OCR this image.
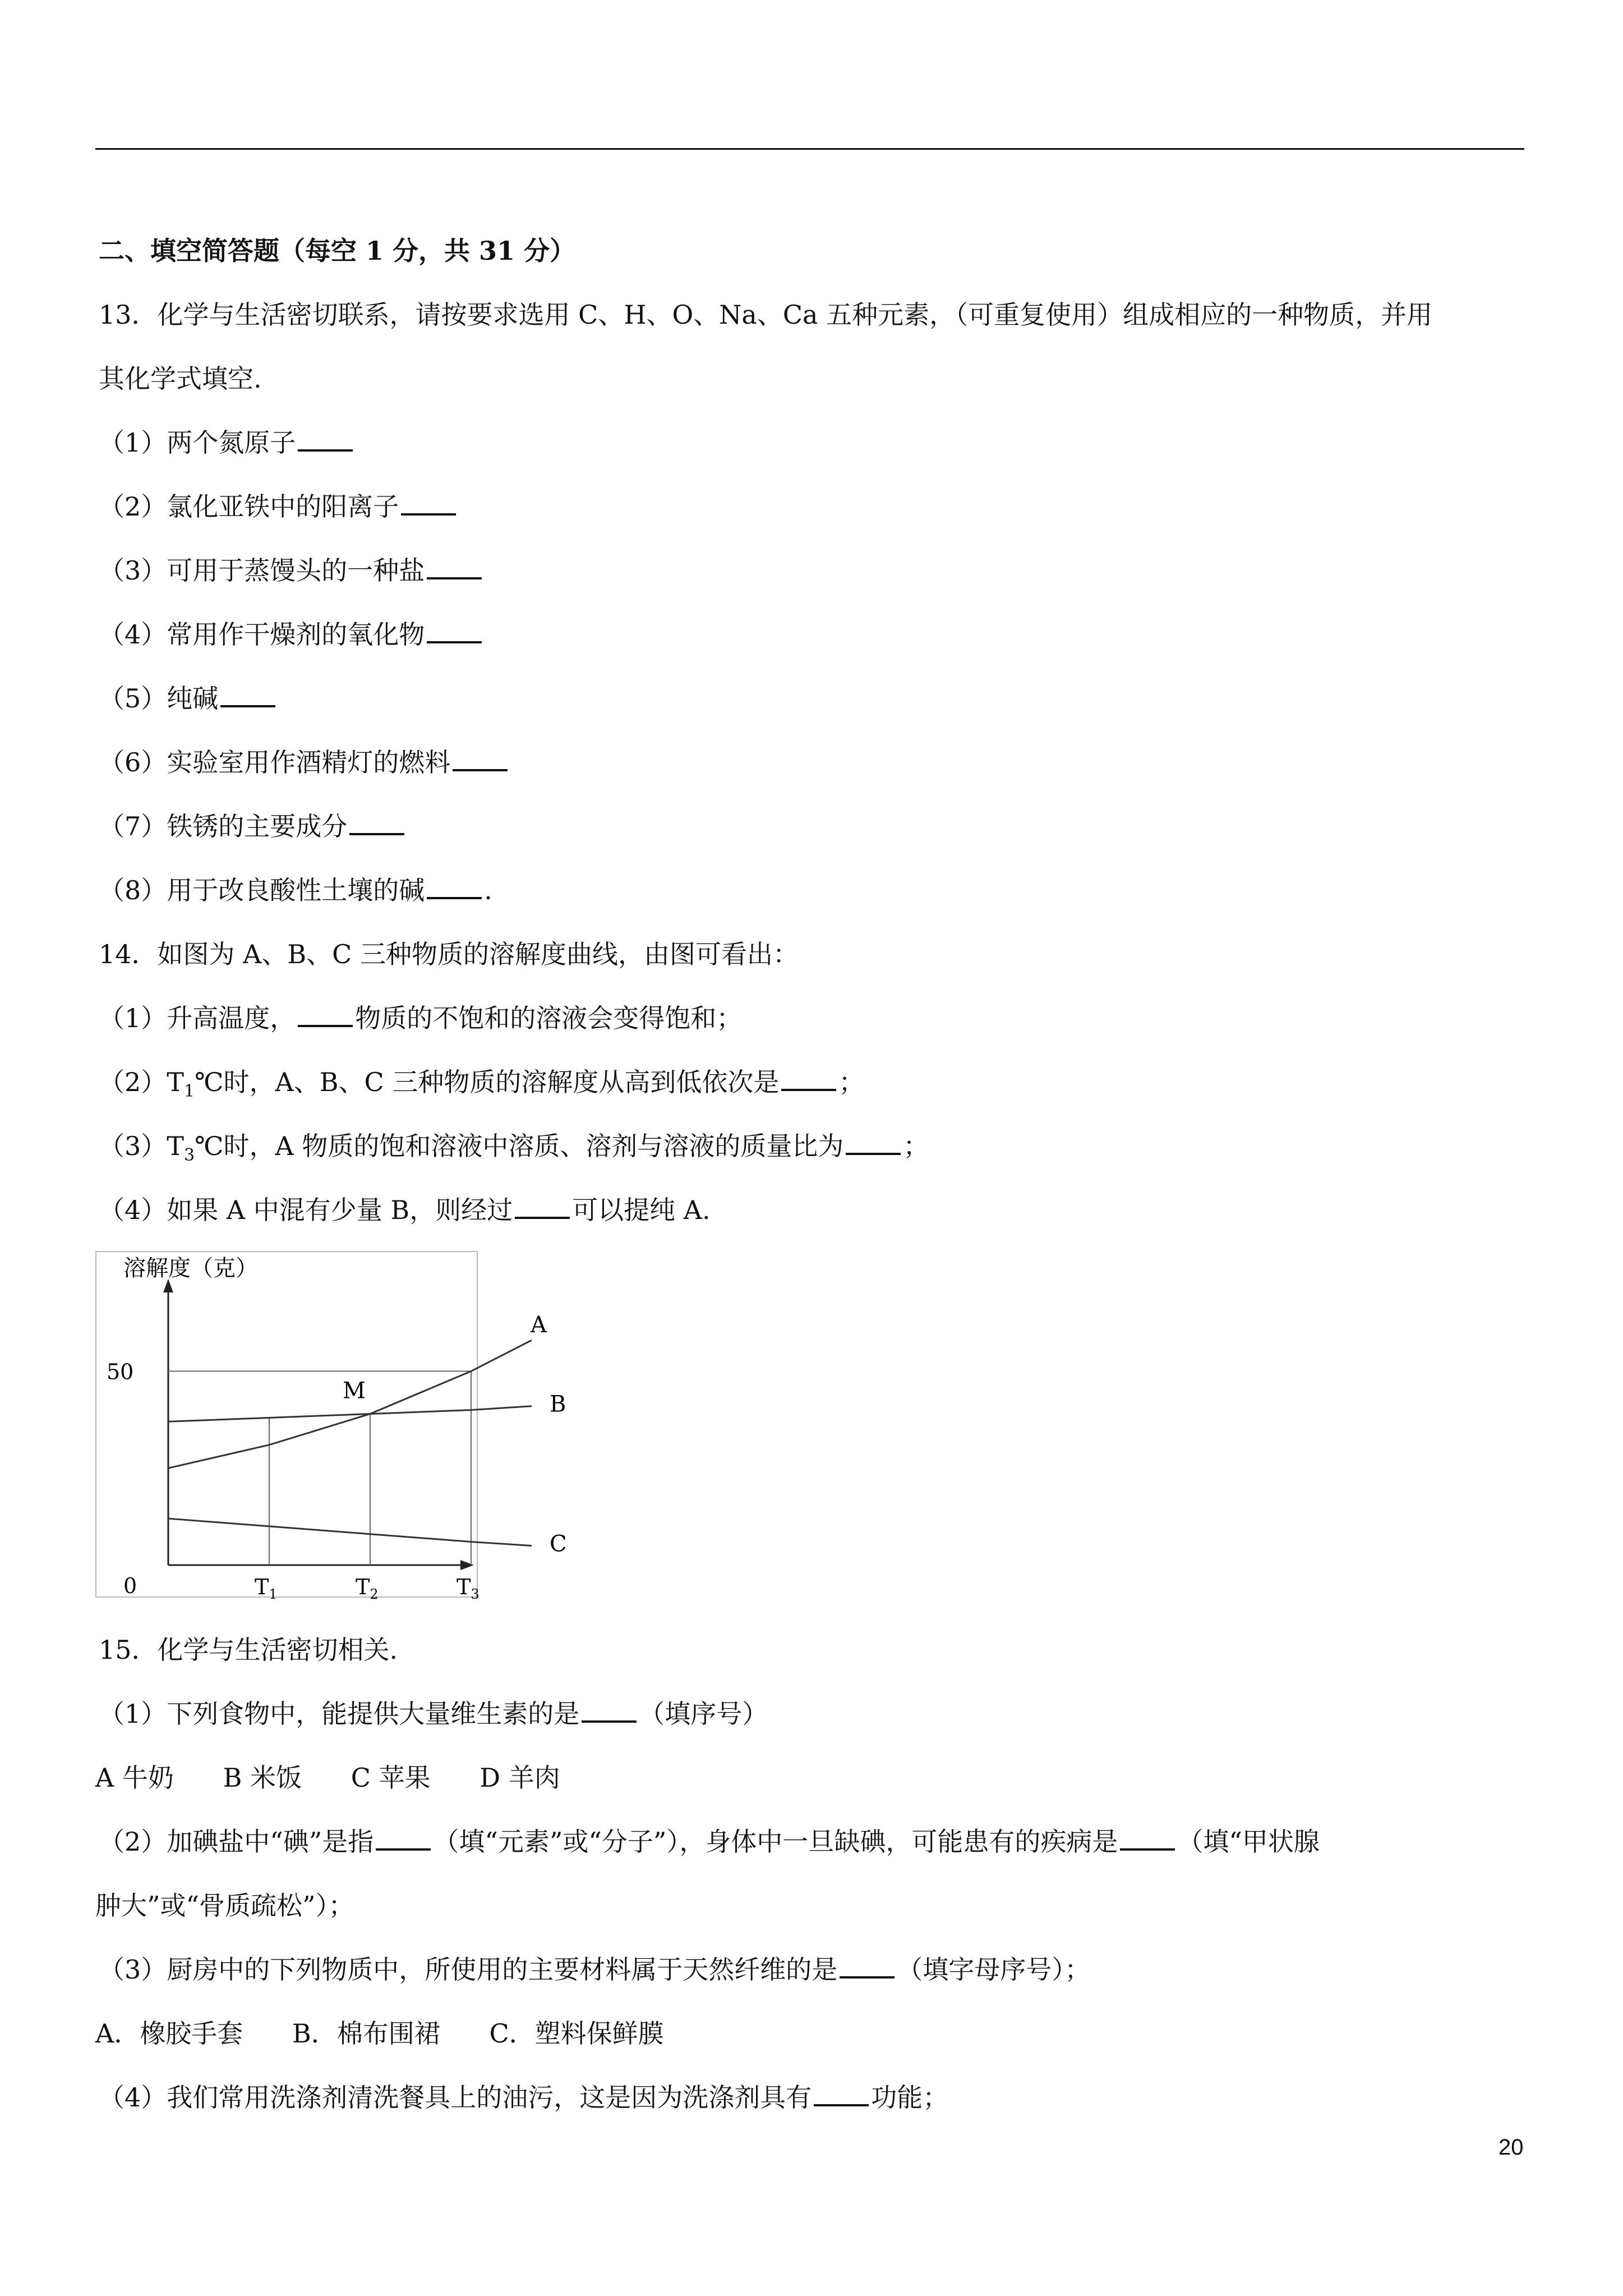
二、填空简答题（每空 1 分，共 31 分）
13．化学与生活密切联系，请按要求选用 C、H、O、Na、Ca 五种元素，（可重复使用）组成相应的一种物质，并用
其化学式填空.
（1）两个氮原子
（2）氯化亚铁中的阳离子
（3）可用于蒸馒头的一种盐
（4）常用作干燥剂的氧化物
（5）纯碱
（6）实验室用作酒精灯的燃料
（7）铁锈的主要成分
（8）用于改良酸性土壤的碱 .
14．如图为 A、B、C 三种物质的溶解度曲线，由图可看出：
（1）升高温度， 物质的不饱和的溶液会变得饱和；
$(2)T_1℃$时，A、B、C 三种物质的溶解度从高到低依次是 ；
$(3)T_3℃$时，A 物质的饱和溶液中溶质、溶剂与溶液的质量比为 ；
（4）如果 A 中混有少量 B，则经过 可以提纯 A.
溶解度（克）
50
0	$T_1$	$T_2$	$T_3$
A
B
C
M
15．化学与生活密切相关.
（1）下列食物中，能提供大量维生素的是 （填序号）
A 牛奶      B 米饭      C 苹果      D 羊肉
（2）加碘盐中“碘”是指 （填“元素”或“分子”），身体中一旦缺碘，可能患有的疾病是 （填“甲状腺
肿大”或“骨质疏松”）；
（3）厨房中的下列物质中，所使用的主要材料属于天然纤维的是 （填字母序号）；
A．橡胶手套      B．棉布围裙      C．塑料保鲜膜
（4）我们常用洗涤剂清洗餐具上的油污，这是因为洗涤剂具有 功能；
20
